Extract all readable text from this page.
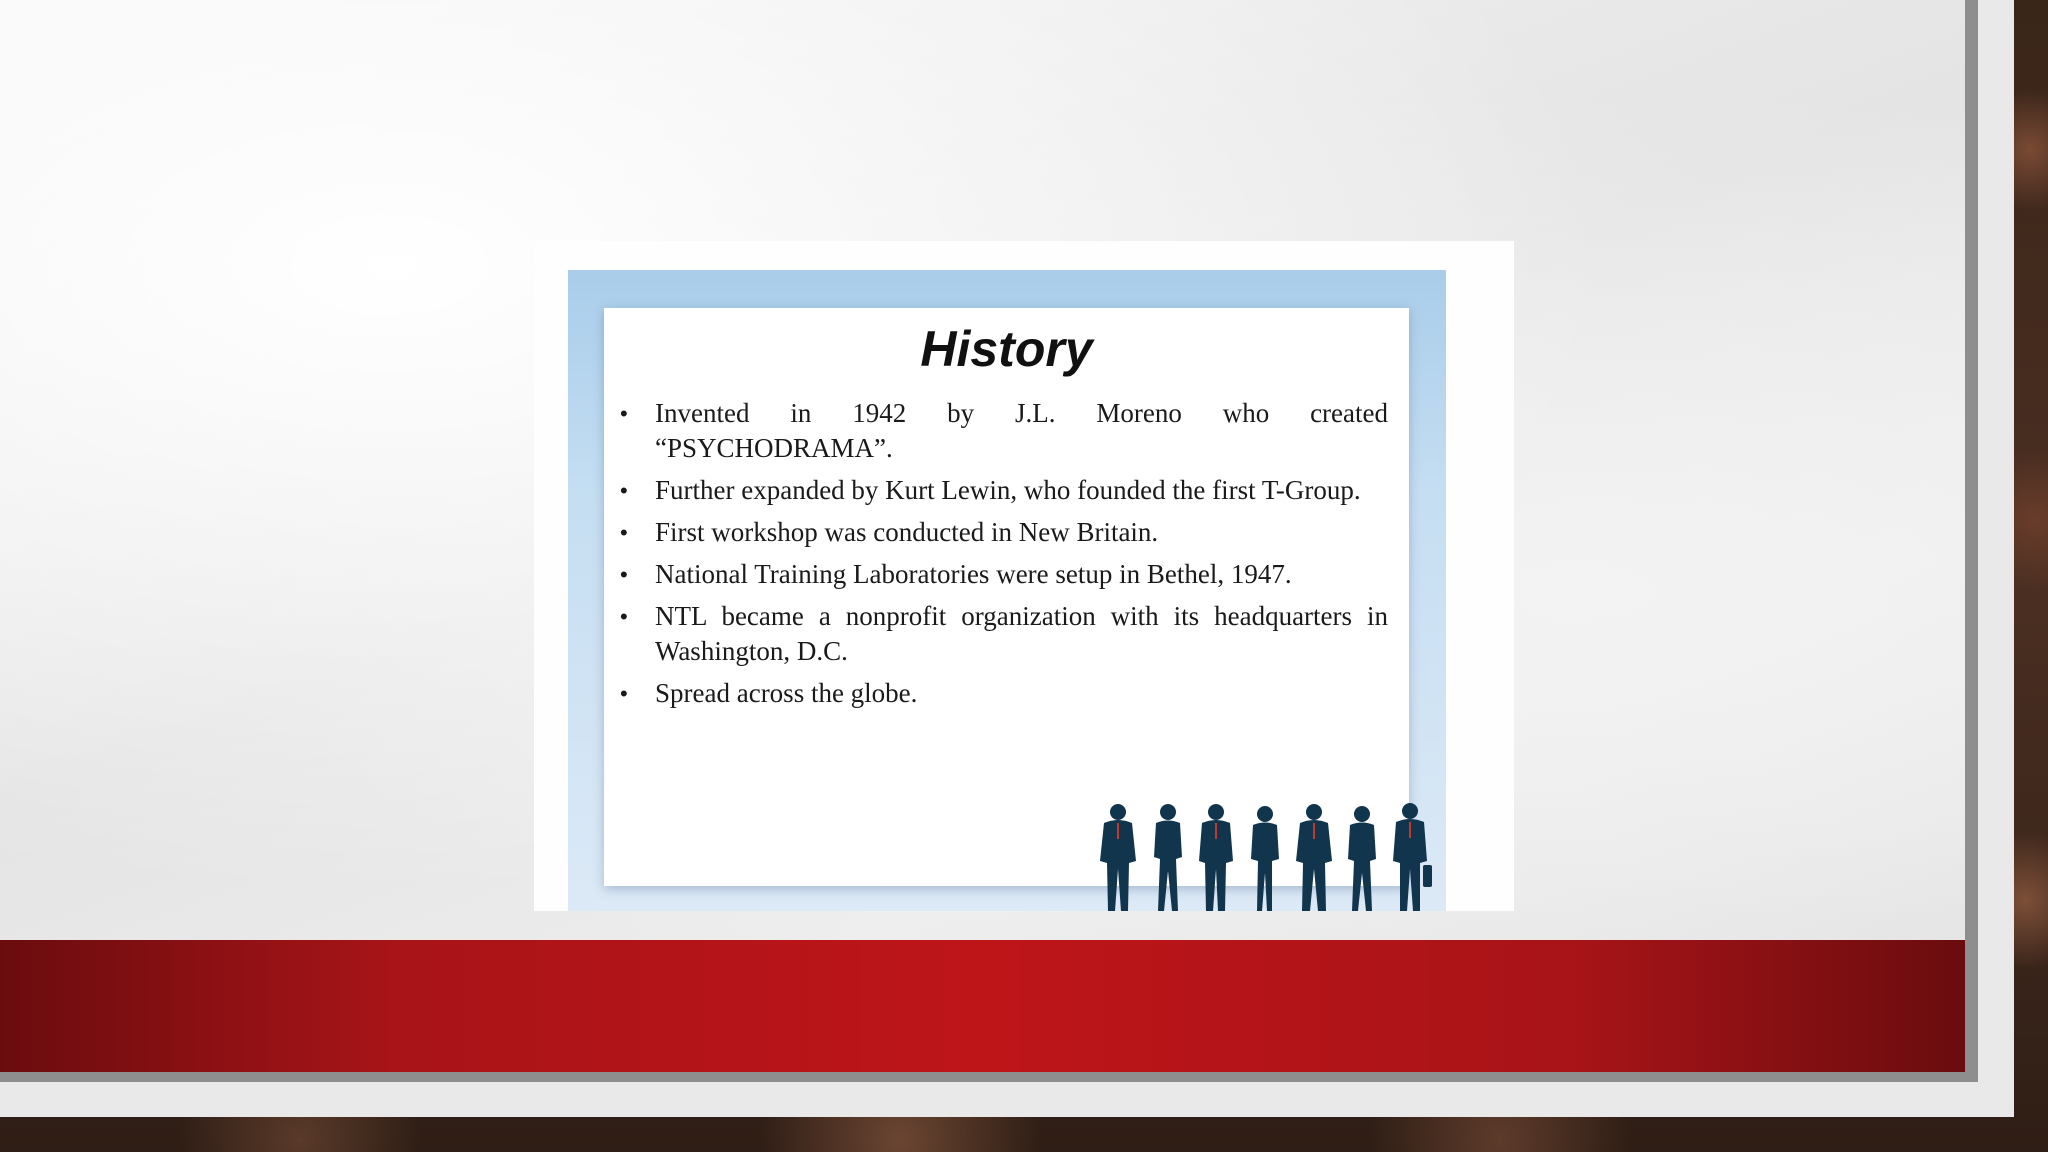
History
• Invented in 1942 by J.L. Moreno who created “PSYCHODRAMA”.
• Further expanded by Kurt Lewin, who founded the first T-Group.
• First workshop was conducted in New Britain.
• National Training Laboratories were setup in Bethel, 1947.
• NTL became a nonprofit organization with its headquarters in Washington, D.C.
• Spread across the globe.
